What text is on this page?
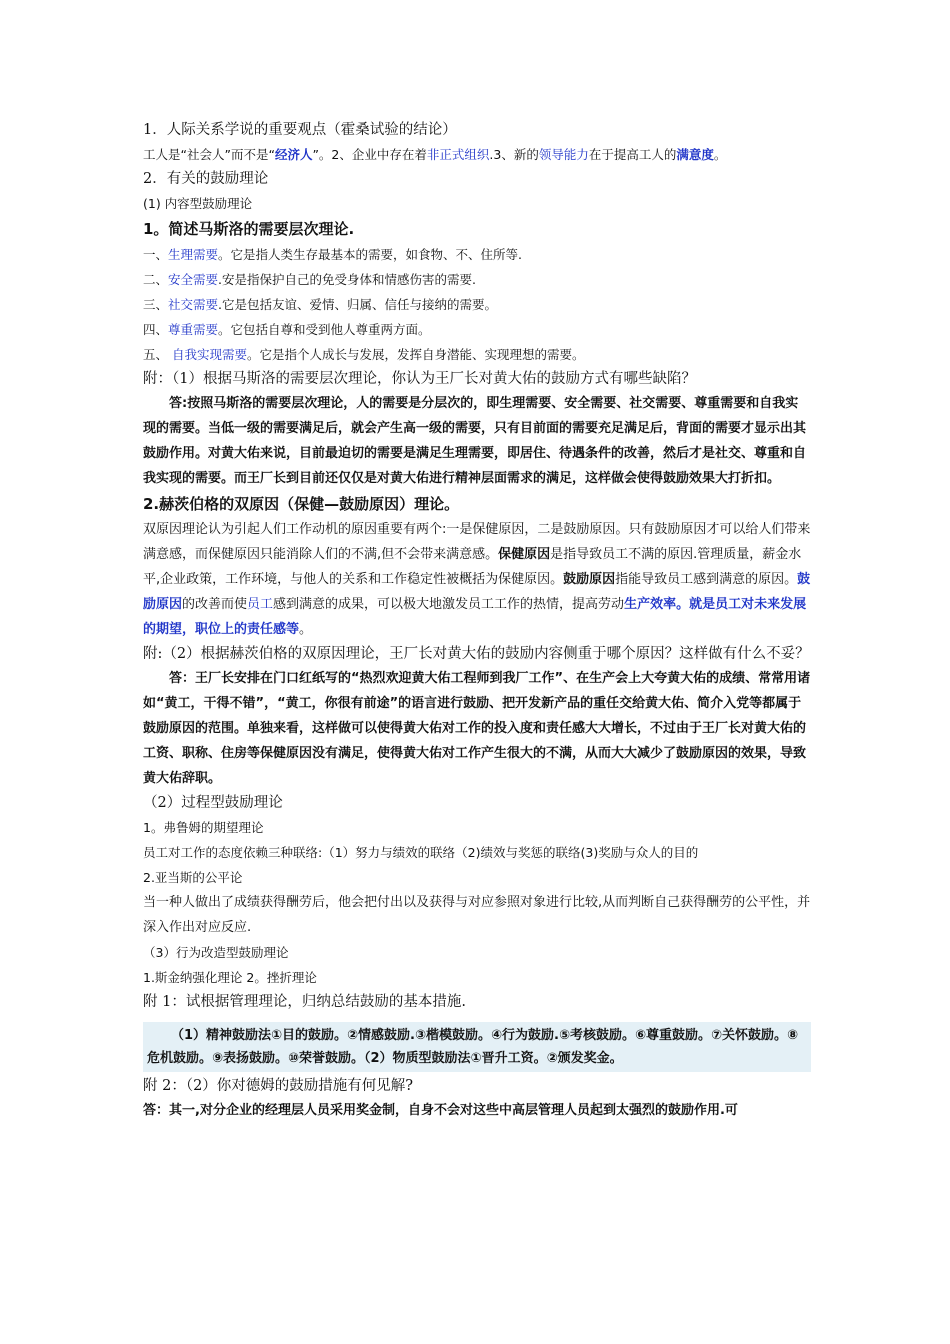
1．人际关系学说的重要观点（霍桑试验的结论）

工人是“社会人”而不是“经济人”。2、企业中存在着非正式组织.3、新的领导能力在于提高工人的满意度。

2．有关的鼓励理论

(1) 内容型鼓励理论

1。简述马斯洛的需要层次理论.

一、生理需要。它是指人类生存最基本的需要，如食物、不、住所等.

二、安全需要.安是指保护自己的免受身体和情感伤害的需要.

三、社交需要.它是包括友谊、爱情、归属、信任与接纳的需要。

四、尊重需要。它包括自尊和受到他人尊重两方面。

五、 自我实现需要。它是指个人成长与发展，发挥自身潜能、实现理想的需要。

附：（1）根据马斯洛的需要层次理论，你认为王厂长对黄大佑的鼓励方式有哪些缺陷？

答:按照马斯洛的需要层次理论，人的需要是分层次的，即生理需要、安全需要、社交需要、尊重需要和自我实现的需要。当低一级的需要满足后，就会产生高一级的需要，只有目前面的需要充足满足后，背面的需要才显示出其鼓励作用。对黄大佑来说，目前最迫切的需要是满足生理需要，即居住、待遇条件的改善，然后才是社交、尊重和自我实现的需要。而王厂长到目前还仅仅是对黄大佑进行精神层面需求的满足，这样做会使得鼓励效果大打折扣。

2.赫茨伯格的双原因（保健—鼓励原因）理论。

双原因理论认为引起人们工作动机的原因重要有两个:一是保健原因，二是鼓励原因。只有鼓励原因才可以给人们带来满意感，而保健原因只能消除人们的不满,但不会带来满意感。保健原因是指导致员工不满的原因.管理质量，薪金水平,企业政策，工作环境，与他人的关系和工作稳定性被概括为保健原因。鼓励原因指能导致员工感到满意的原因。鼓励原因的改善而使员工感到满意的成果，可以极大地激发员工工作的热情，提高劳动生产效率。就是员工对未来发展的期望，职位上的责任感等。

附:（2）根据赫茨伯格的双原因理论，王厂长对黄大佑的鼓励内容侧重于哪个原因？这样做有什么不妥？

答：王厂长安排在门口红纸写的“热烈欢迎黄大佑工程师到我厂工作”、在生产会上大夸黄大佑的成绩、常常用诸如“黄工，干得不错”，“黄工，你很有前途”的语言进行鼓励、把开发新产品的重任交给黄大佑、简介入党等都属于鼓励原因的范围。单独来看，这样做可以使得黄大佑对工作的投入度和责任感大大增长，不过由于王厂长对黄大佑的工资、职称、住房等保健原因没有满足，使得黄大佑对工作产生很大的不满，从而大大减少了鼓励原因的效果，导致黄大佑辞职。

（2）过程型鼓励理论

1。弗鲁姆的期望理论

员工对工作的态度依赖三种联络:（1）努力与绩效的联络（2)绩效与奖惩的联络(3)奖励与众人的目的

2.亚当斯的公平论

当一种人做出了成绩获得酬劳后，他会把付出以及获得与对应参照对象进行比较,从而判断自己获得酬劳的公平性，并深入作出对应反应.

（3）行为改造型鼓励理论

1.斯金纳强化理论 2。挫折理论

附 1：试根据管理理论，归纳总结鼓励的基本措施.

（1）精神鼓励法①目的鼓励。②情感鼓励.③楷模鼓励。④行为鼓励.⑤考核鼓励。⑥尊重鼓励。⑦关怀鼓励。⑧危机鼓励。⑨表扬鼓励。⑩荣誉鼓励。（2）物质型鼓励法①晋升工资。②颁发奖金。

附 2：（2）你对德姆的鼓励措施有何见解?

答：其一,对分企业的经理层人员采用奖金制，自身不会对这些中高层管理人员起到太强烈的鼓励作用.可
